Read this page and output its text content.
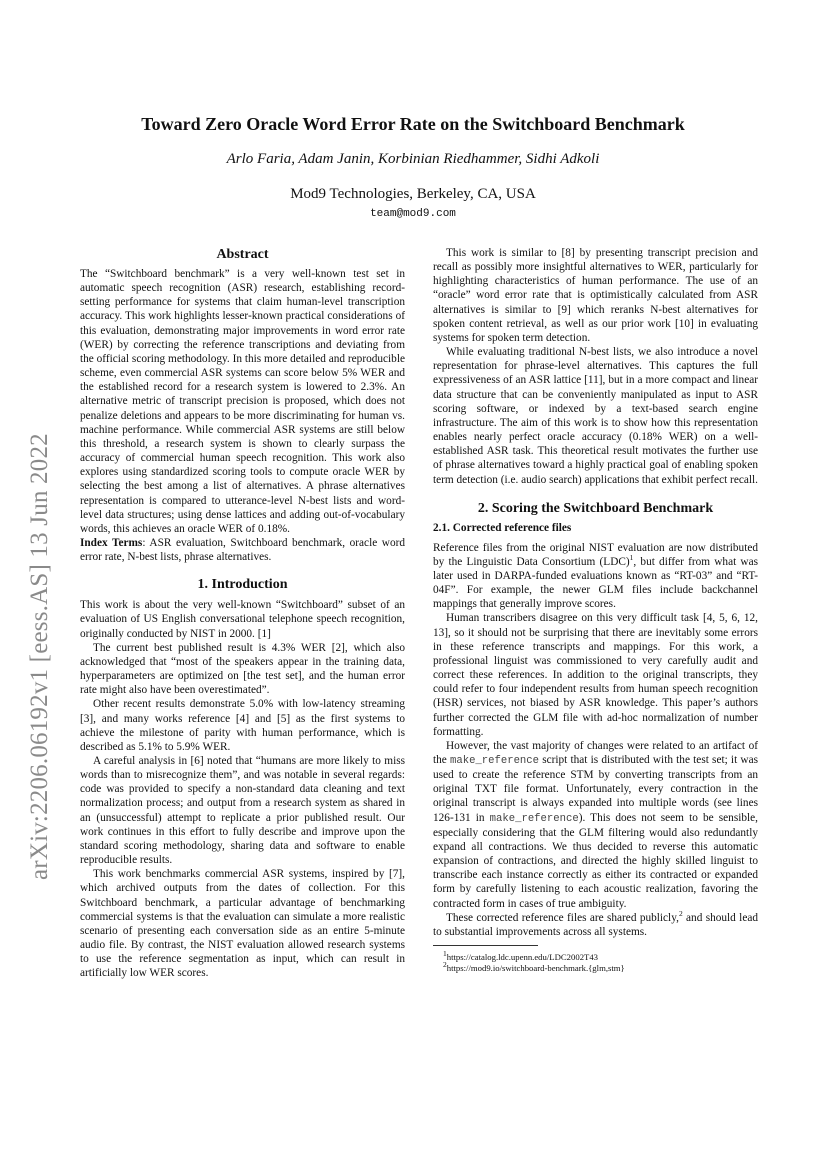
arXiv:2206.06192v1 [eess.AS] 13 Jun 2022
Toward Zero Oracle Word Error Rate on the Switchboard Benchmark
Arlo Faria, Adam Janin, Korbinian Riedhammer, Sidhi Adkoli
Mod9 Technologies, Berkeley, CA, USA
team@mod9.com
Abstract

The “Switchboard benchmark” is a very well-known test set in automatic speech recognition (ASR) research, establishing record-setting performance for systems that claim human-level transcription accuracy. This work highlights lesser-known practical considerations of this evaluation, demonstrating major improvements in word error rate (WER) by correcting the reference transcriptions and deviating from the official scoring methodology. In this more detailed and reproducible scheme, even commercial ASR systems can score below 5% WER and the established record for a research system is lowered to 2.3%. An alternative metric of transcript precision is proposed, which does not penalize deletions and appears to be more discriminating for human vs. machine performance. While commercial ASR systems are still below this threshold, a research system is shown to clearly surpass the accuracy of commercial human speech recognition. This work also explores using standardized scoring tools to compute oracle WER by selecting the best among a list of alternatives. A phrase alternatives representation is compared to utterance-level N-best lists and word-level data structures; using dense lattices and adding out-of-vocabulary words, this achieves an oracle WER of 0.18%.

Index Terms: ASR evaluation, Switchboard benchmark, oracle word error rate, N-best lists, phrase alternatives.

1. Introduction

This work is about the very well-known “Switchboard” subset of an evaluation of US English conversational telephone speech recognition, originally conducted by NIST in 2000. [1]

The current best published result is 4.3% WER [2], which also acknowledged that “most of the speakers appear in the training data, hyperparameters are optimized on [the test set], and the human error rate might also have been overestimated”.

Other recent results demonstrate 5.0% with low-latency streaming [3], and many works reference [4] and [5] as the first systems to achieve the milestone of parity with human performance, which is described as 5.1% to 5.9% WER.

A careful analysis in [6] noted that “humans are more likely to miss words than to misrecognize them”, and was notable in several regards: code was provided to specify a non-standard data cleaning and text normalization process; and output from a research system as shared in an (unsuccessful) attempt to replicate a prior published result. Our work continues in this effort to fully describe and improve upon the standard scoring methodology, sharing data and software to enable reproducible results.

This work benchmarks commercial ASR systems, inspired by [7], which archived outputs from the dates of collection. For this Switchboard benchmark, a particular advantage of benchmarking commercial systems is that the evaluation can simulate a more realistic scenario of presenting each conversation side as an entire 5-minute audio file. By contrast, the NIST evaluation allowed research systems to use the reference segmentation as input, which can result in artificially low WER scores.

This work is similar to [8] by presenting transcript precision and recall as possibly more insightful alternatives to WER, particularly for highlighting characteristics of human performance. The use of an “oracle” word error rate that is optimistically calculated from ASR alternatives is similar to [9] which reranks N-best alternatives for spoken content retrieval, as well as our prior work [10] in evaluating systems for spoken term detection.

While evaluating traditional N-best lists, we also introduce a novel representation for phrase-level alternatives. This captures the full expressiveness of an ASR lattice [11], but in a more compact and linear data structure that can be conveniently manipulated as input to ASR scoring software, or indexed by a text-based search engine infrastructure. The aim of this work is to show how this representation enables nearly perfect oracle accuracy (0.18% WER) on a well-established ASR task. This theoretical result motivates the further use of phrase alternatives toward a highly practical goal of enabling spoken term detection (i.e. audio search) applications that exhibit perfect recall.

2. Scoring the Switchboard Benchmark
2.1. Corrected reference files

Reference files from the original NIST evaluation are now distributed by the Linguistic Data Consortium (LDC)$^1$, but differ from what was later used in DARPA-funded evaluations known as “RT-03” and “RT-04F”. For example, the newer GLM files include backchannel mappings that generally improve scores.

Human transcribers disagree on this very difficult task [4, 5, 6, 12, 13], so it should not be surprising that there are inevitably some errors in these reference transcripts and mappings. For this work, a professional linguist was commissioned to very carefully audit and correct these references. In addition to the original transcripts, they could refer to four independent results from human speech recognition (HSR) services, not biased by ASR knowledge. This paper’s authors further corrected the GLM file with ad-hoc normalization of number formatting.

However, the vast majority of changes were related to an artifact of the make_reference script that is distributed with the test set; it was used to create the reference STM by converting transcripts from an original TXT file format. Unfortunately, every contraction in the original transcript is always expanded into multiple words (see lines 126-131 in make_reference). This does not seem to be sensible, especially considering that the GLM filtering would also redundantly expand all contractions. We thus decided to reverse this automatic expansion of contractions, and directed the highly skilled linguist to transcribe each instance correctly as either its contracted or expanded form by carefully listening to each acoustic realization, favoring the contracted form in cases of true ambiguity.

These corrected reference files are shared publicly,$^2$ and should lead to substantial improvements across all systems.

$^1$https://catalog.ldc.upenn.edu/LDC2002T43

$^2$https://mod9.io/switchboard-benchmark.{glm,stm}
